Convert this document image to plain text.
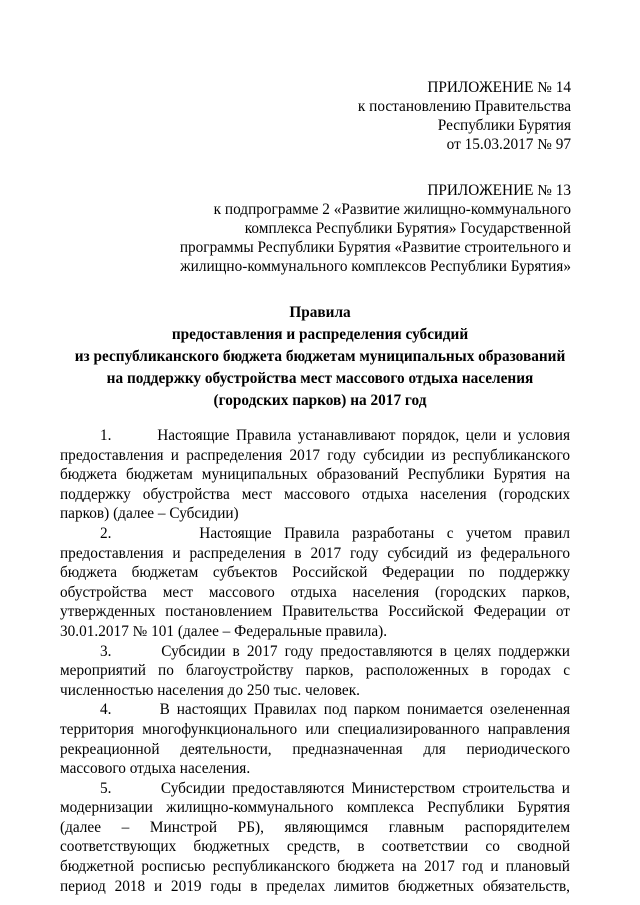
ПРИЛОЖЕНИЕ № 14
к постановлению Правительства
Республики Бурятия
от 15.03.2017 № 97
ПРИЛОЖЕНИЕ № 13
к подпрограмме 2 «Развитие жилищно-коммунального
комплекса Республики Бурятия» Государственной
программы Республики Бурятия «Развитие строительного и
жилищно-коммунального комплексов Республики Бурятия»
Правила
предоставления и распределения субсидий
из республиканского бюджета бюджетам муниципальных образований
на поддержку обустройства мест массового отдыха населения
(городских парков) на 2017 год
1.       Настоящие Правила устанавливают порядок, цели и условия
предоставления и распределения 2017 году субсидии из республиканского
бюджета бюджетам муниципальных образований Республики Бурятия на
поддержку обустройства мест массового отдыха населения (городских
парков) (далее – Субсидии)
2.       Настоящие Правила разработаны с учетом правил
предоставления и распределения в 2017 году субсидий из федерального
бюджета бюджетам субъектов Российской Федерации по поддержку
обустройства мест массового отдыха населения (городских парков,
утвержденных постановлением Правительства Российской Федерации от
30.01.2017 № 101 (далее – Федеральные правила).
3.       Субсидии в 2017 году предоставляются в целях поддержки
мероприятий по благоустройству парков, расположенных в городах с
численностью населения до 250 тыс. человек.
4.       В настоящих Правилах под парком понимается озелененная
территория многофункционального или специализированного направления
рекреационной деятельности, предназначенная для периодического
массового отдыха населения.
5.       Субсидии предоставляются Министерством строительства и
модернизации жилищно-коммунального комплекса Республики Бурятия
(далее – Минстрой РБ), являющимся главным распорядителем
соответствующих бюджетных средств, в соответствии со сводной
бюджетной росписью республиканского бюджета на 2017 год и плановый
период 2018 и 2019 годы в пределах лимитов бюджетных обязательств,
